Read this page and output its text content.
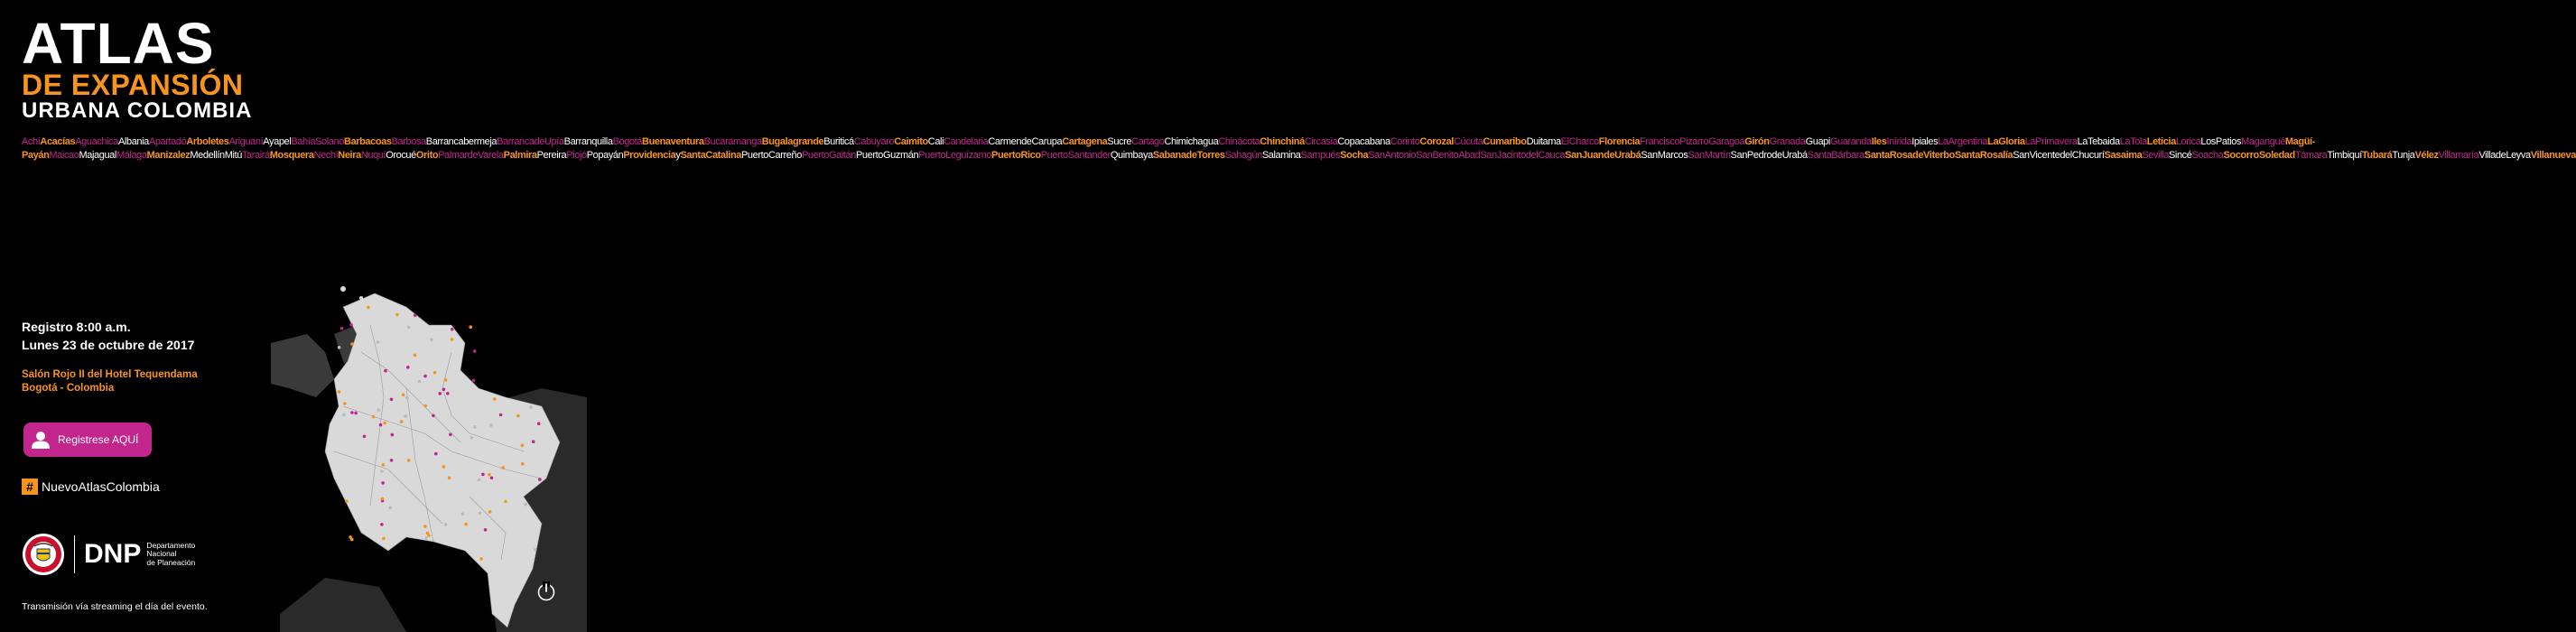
ATLAS
DE EXPANSIÓN
URBANA COLOMBIA
AchíAcacíasAguachicaAlbaniaApartadóArboletesAriguaníAyapelBahíaSolanoBarbacoasBarbosaBarrancabermejaBarrancadeUpíaBarranquillaBogotáBuenaventuraBucaramangaBugalagrandeBuriticáCabuyaroCaimitoCaliCandelariaCarmendeCarupaCartagenaSucreCartagoChimichaguaChinácotaChinchináCircasiaCopacabanaCorintoCorozalCúcutaCumariboDuitamaElCharcoFlorenciaFranciscoPizarroGaragoaGirónGranadaGuapiGuarandaIlesIníridaIpialesLaArgentinaLaGloriaLaPrimaveraLaTebaidaLaTolaLeticiaLoricaLosPatiosMaganguéMagüí-PayánMaicaoMajagualMálagaManizalezMedellínMitúTarairáMosqueraNechíNeiraNuquíOrocuéOritoPalmardeVarelaPalmiraPereiraPiojóPopayánProvidenciaySantaCatalinaPuertoCarreñoPuertoGaitánPuertoGuzmánPuertoLeguízamoPuertoRicoPuertoSantanderQuimbayaSabanadeTorresSahagúnSalaminaSampuésSochaSanAntonioSanBenitoAbadSanJacintodelCaucaSanJuandeUrabáSanMarcosSanMartínSanPedrodeUrabáSantaBárbaraSantaRosadeViterboSantaRosalíaSanVicentedelChucuríSasaimaSevillaSincéSoachaSocorroSoledadTámaraTimbiquíTubaráTunjaVélezVillamaríaVilladeLeyvaVillanueva
Registro 8:00 a.m.
Lunes 23 de octubre de 2017
Salón Rojo II del Hotel Tequendama
Bogotá - Colombia
Registrese AQUÍ
# NuevoAtlasColombia
DNP Departamento
Nacional
de Planeación
Transmisión vía streaming el día del evento.
